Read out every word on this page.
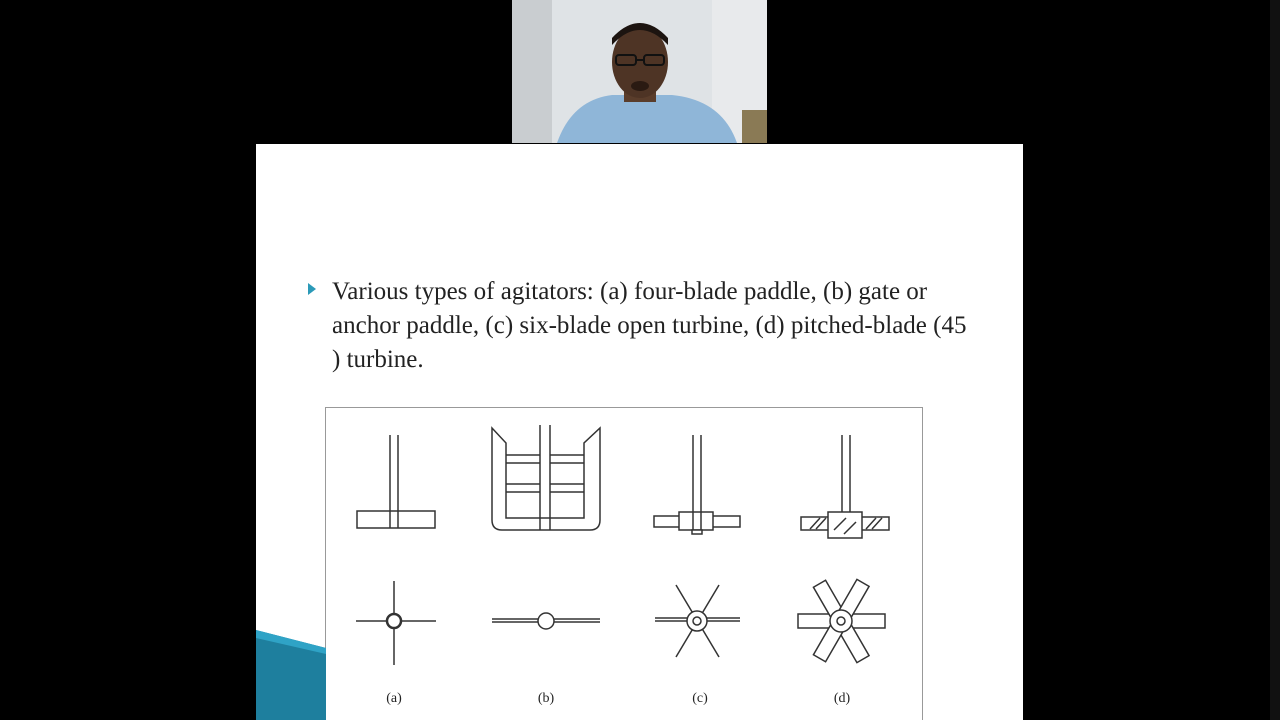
Various types of agitators: (a) four-blade paddle, (b) gate or anchor paddle, (c) six-blade open turbine, (d) pitched-blade (45 ) turbine.
(a)	(b)	(c)	(d)
